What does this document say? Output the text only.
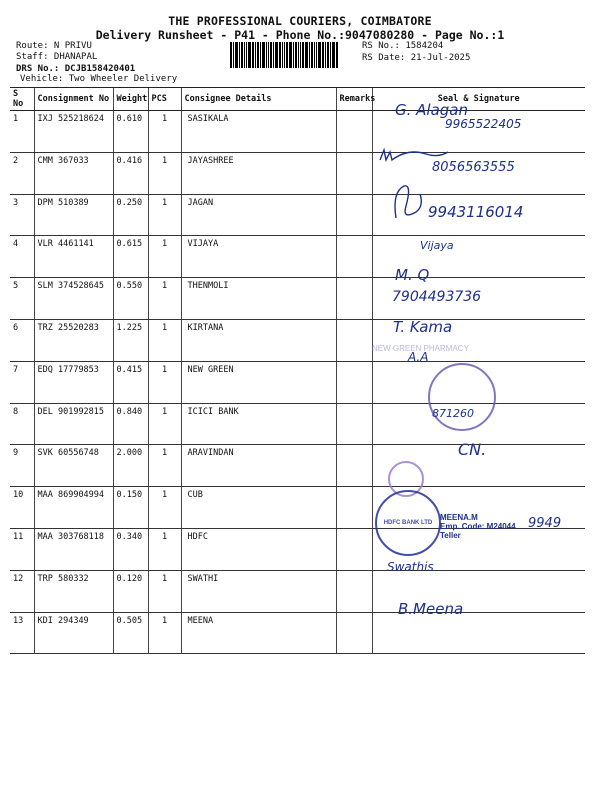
THE PROFESSIONAL COURIERS, COIMBATORE
Delivery Runsheet - P41 - Phone No.:9047080280 - Page No.:1
Route: N PRIVU
Staff: DHANAPAL
DRS No.: DCJB158420401
Vehicle: Two Wheeler Delivery
RS No.: 1584204
RS Date: 21-Jul-2025
S No	Consignment No	Weight	PCS	Consignee Details	Remarks	Seal & Signature
1	IXJ 525218624	0.610	1	SASIKALA		
2	CMM 367033	0.416	1	JAYASHREE		
3	DPM 510389	0.250	1	JAGAN		
4	VLR 4461141	0.615	1	VIJAYA		
5	SLM 374528645	0.550	1	THENMOLI		
6	TRZ 25520283	1.225	1	KIRTANA		
7	EDQ 17779853	0.415	1	NEW GREEN		
8	DEL 901992815	0.840	1	ICICI BANK		
9	SVK 60556748	2.000	1	ARAVINDAN		
10	MAA 869904994	0.150	1	CUB		
11	MAA 303768118	0.340	1	HDFC		
12	TRP 580332	0.120	1	SWATHI		
13	KDI 294349	0.505	1	MEENA		
G. Alagan
9965522405
8056563555
9943116014
Vijaya
M. Q
7904493736
T. Kama
NEW GREEN PHARMACY
A.A
871260
CN.
HDFC BANK LTD
MEENA.M
Emp. Code: M24044
Teller
9949
Swathis
B.Meena
